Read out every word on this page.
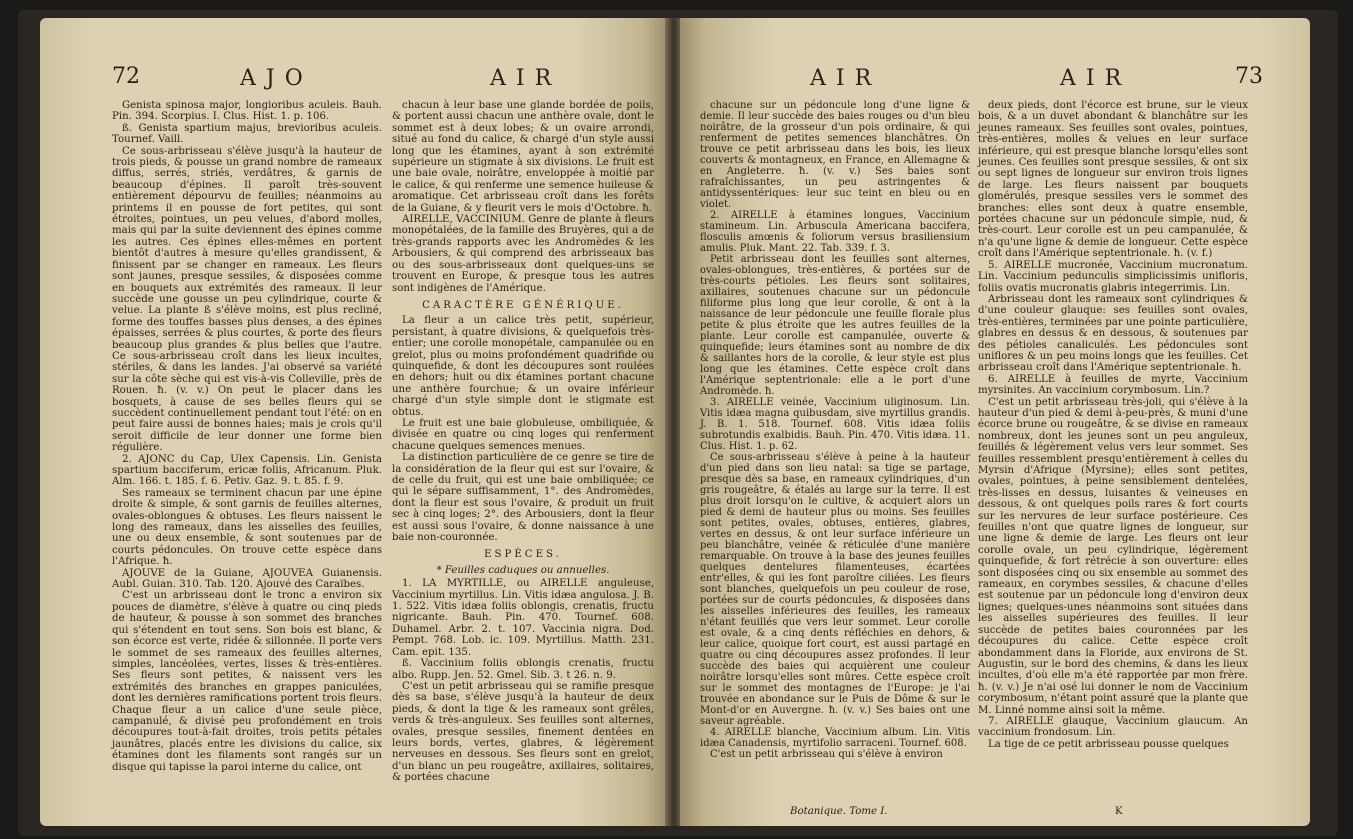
72	AJO	AIR

Genista spinosa major, longioribus aculeis. Bauh. Pin. 394. Scorpius. I. Clus. Hist. 1. p. 106.

ß. Genista spartium majus, brevioribus aculeis. Tournef. Vaill.

Ce sous-arbrisseau s'élève jusqu'à la hauteur de trois pieds, & pousse un grand nombre de rameaux diffus, serrés, striés, verdâtres, & garnis de beaucoup d'épines. Il paroît très-souvent entièrement dépourvu de feuilles; néanmoins au printems il en pousse de fort petites, qui sont étroites, pointues, un peu velues, d'abord molles, mais qui par la suite deviennent des épines comme les autres. Ces épines elles-mêmes en portent bientôt d'autres à mesure qu'elles grandissent, & finissent par se changer en rameaux. Les fleurs sont jaunes, presque sessiles, & disposées comme en bouquets aux extrémités des rameaux. Il leur succède une gousse un peu cylindrique, courte & velue. La plante ß s'élève moins, est plus recliné, forme des touffes basses plus denses, a des épines épaisses, serrées & plus courtes, & porte des fleurs beaucoup plus grandes & plus belles que l'autre. Ce sous-arbrisseau croît dans les lieux incultes, stériles, & dans les landes. J'ai observé sa variété sur la côte sèche qui est vis-à-vis Colleville, près de Rouen. ħ. (v. v.) On peut le placer dans les bosquets, à cause de ses belles fleurs qui se succèdent continuellement pendant tout l'été: on en peut faire aussi de bonnes haies; mais je crois qu'il seroit difficile de leur donner une forme bien régulière.

2. AJONC du Cap, Ulex Capensis. Lin. Genista spartium bacciferum, ericæ foliis, Africanum. Pluk. Alm. 166. t. 185. f. 6. Petiv. Gaz. 9. t. 85. f. 9.

Ses rameaux se terminent chacun par une épine droite & simple, & sont garnis de feuilles alternes, ovales-oblongues & obtuses. Les fleurs naissent le long des rameaux, dans les aisselles des feuilles, une ou deux ensemble, & sont soutenues par de courts pédoncules. On trouve cette espèce dans l'Afrique. ħ.

AJOUVE de la Guiane, AJOUVEA Guianensis. Aubl. Guian. 310. Tab. 120. Ajouvé des Caraïbes.

C'est un arbrisseau dont le tronc a environ six pouces de diamètre, s'élève à quatre ou cinq pieds de hauteur, & pousse à son sommet des branches qui s'étendent en tout sens. Son bois est blanc, & son écorce est verte, ridée & sillonnée. Il porte vers le sommet de ses rameaux des feuilles alternes, simples, lancéolées, vertes, lisses & très-entières. Ses fleurs sont petites, & naissent vers les extrémités des branches en grappes paniculées, dont les dernières ramifications portent trois fleurs. Chaque fleur a un calice d'une seule pièce, campanulé, & divisé peu profondément en trois découpures tout-à-fait droites, trois petits pétales jaunâtres, placés entre les divisions du calice, six étamines dont les filaments sont rangés sur un disque qui tapisse la paroi interne du calice, ont

chacun à leur base une glande bordée de poils, & portent aussi chacun une anthère ovale, dont le sommet est à deux lobes; & un ovaire arrondi, situé au fond du calice, & chargé d'un style aussi long que les étamines, ayant à son extrémité supérieure un stigmate à six divisions. Le fruit est une baie ovale, noirâtre, enveloppée à moitié par le calice, & qui renferme une semence huileuse & aromatique. Cet arbrisseau croît dans les forêts de la Guiane, & y fleurit vers le mois d'Octobre. ħ.

AIRELLE, VACCINIUM. Genre de plante à fleurs monopétalées, de la famille des Bruyères, qui a de très-grands rapports avec les Andromèdes & les Arbousiers, & qui comprend des arbrisseaux bas ou des sous-arbrisseaux dont quelques-uns se trouvent en Europe, & presque tous les autres sont indigènes de l'Amérique.

CARACTÈRE GÉNÉRIQUE.

La fleur a un calice très petit, supérieur, persistant, à quatre divisions, & quelquefois très-entier; une corolle monopétale, campanulée ou en grelot, plus ou moins profondément quadrifide ou quinquefide, & dont les découpures sont roulées en dehors; huit ou dix étamines portant chacune une anthère fourchue; & un ovaire inférieur chargé d'un style simple dont le stigmate est obtus.

Le fruit est une baie globuleuse, ombiliquée, & divisée en quatre ou cinq loges qui renferment chacune quelques semences menues.

La distinction particulière de ce genre se tire de la considération de la fleur qui est sur l'ovaire, & de celle du fruit, qui est une baie ombiliquée; ce qui le sépare suffisamment, 1°. des Andromèdes, dont la fleur est sous l'ovaire, & produit un fruit sec à cinq loges; 2°. des Arbousiers, dont la fleur est aussi sous l'ovaire, & donne naissance à une baie non-couronnée.

ESPÈCES.

* Feuilles caduques ou annuelles.

1. LA MYRTILLE, ou AIRELLE anguleuse, Vaccinium myrtillus. Lin. Vitis idæa angulosa. J. B. 1. 522. Vitis idæa foliis oblongis, crenatis, fructu nigricante. Bauh. Pin. 470. Tournef. 608. Duhamel. Arbr. 2. t. 107. Vaccinia nigra. Dod. Pempt. 768. Lob. ic. 109. Myrtillus. Matth. 231. Cam. epit. 135.

ß. Vaccinium foliis oblongis crenatis, fructu albo. Rupp. Jen. 52. Gmel. Sib. 3. t 26. n. 9.

C'est un petit arbrisseau qui se ramifie presque dès sa base, s'élève jusqu'à la hauteur de deux pieds, & dont la tige & les rameaux sont grêles, verds & très-anguleux. Ses feuilles sont alternes, ovales, presque sessiles, finement dentées en leurs bords, vertes, glabres, & légèrement nerveuses en dessous. Ses fleurs sont en grelot, d'un blanc un peu rougeâtre, axillaires, solitaires, & portées chacune

AIR	AIR	73

chacune sur un pédoncule long d'une ligne & demie. Il leur succède des baies rouges ou d'un bleu noirâtre, de la grosseur d'un pois ordinaire, & qui renferment de petites semences blanchâtres. On trouve ce petit arbrisseau dans les bois, les lieux couverts & montagneux, en France, en Allemagne & en Angleterre. ħ. (v. v.) Ses baies sont rafraîchissantes, un peu astringentes & antidyssentériques: leur suc teint en bleu ou en violet.

2. AIRELLE à étamines longues, Vaccinium stamineum. Lin. Arbuscula Americana baccifera, flosculis amœnis & foliorum versus brasiliensium amulis. Pluk. Mant. 22. Tab. 339. f. 3.

Petit arbrisseau dont les feuilles sont alternes, ovales-oblongues, très-entières, & portées sur de très-courts pétioles. Les fleurs sont solitaires, axillaires, soutenues chacune sur un pédoncule filiforme plus long que leur corolle, & ont à la naissance de leur pédoncule une feuille florale plus petite & plus étroite que les autres feuilles de la plante. Leur corolle est campanulée, ouverte & quinquefide; leurs étamines sont au nombre de dix & saillantes hors de la corolle, & leur style est plus long que les étamines. Cette espèce croît dans l'Amérique septentrionale: elle a le port d'une Andromède. ħ.

3. AIRELLE veinée, Vaccinium uliginosum. Lin. Vitis idæa magna quibusdam, sive myrtillus grandis. J. B. 1. 518. Tournef. 608. Vitis idæa foliis subrotundis exalbidis. Bauh. Pin. 470. Vitis idæa. 11. Clus. Hist. 1. p. 62.

Ce sous-arbrisseau s'élève à peine à la hauteur d'un pied dans son lieu natal: sa tige se partage, presque dès sa base, en rameaux cylindriques, d'un gris rougeâtre, & étalés au large sur la terre. Il est plus droit lorsqu'on le cultive, & acquiert alors un pied & demi de hauteur plus ou moins. Ses feuilles sont petites, ovales, obtuses, entières, glabres, vertes en dessus, & ont leur surface inférieure un peu blanchâtre, veinée & réticulée d'une manière remarquable. On trouve à la base des jeunes feuilles quelques dentelures filamenteuses, écartées entr'elles, & qui les font paroître ciliées. Les fleurs sont blanches, quelquefois un peu couleur de rose, portées sur de courts pédoncules, & disposées dans les aisselles inférieures des feuilles, les rameaux n'étant feuillés que vers leur sommet. Leur corolle est ovale, & a cinq dents réfléchies en dehors, & leur calice, quoique fort court, est aussi partagé en quatre ou cinq découpures assez profondes. Il leur succède des baies qui acquièrent une couleur noirâtre lorsqu'elles sont mûres. Cette espèce croît sur le sommet des montagnes de l'Europe: je l'ai trouvée en abondance sur le Puis de Dôme & sur le Mont-d'or en Auvergne. ħ. (v. v.) Ses baies ont une saveur agréable.

4. AIRELLE blanche, Vaccinium album. Lin. Vitis idæa Canadensis, myrtifolio sarraceni. Tournef. 608.

C'est un petit arbrisseau qui s'élève à environ

deux pieds, dont l'écorce est brune, sur le vieux bois, & a un duvet abondant & blanchâtre sur les jeunes rameaux. Ses feuilles sont ovales, pointues, très-entières, molles & velues en leur surface inférieure, qui est presque blanche lorsqu'elles sont jeunes. Ces feuilles sont presque sessiles, & ont six ou sept lignes de longueur sur environ trois lignes de large. Les fleurs naissent par bouquets glomérulés, presque sessiles vers le sommet des branches: elles sont deux à quatre ensemble, portées chacune sur un pédoncule simple, nud, & très-court. Leur corolle est un peu campanulée, & n'a qu'une ligne & demie de longueur. Cette espèce croît dans l'Amérique septentrionale. ħ. (v. f.)

5. AIRELLE mucronée, Vaccinium mucronatum. Lin. Vaccinium pedunculis simplicissimis unifloris, foliis ovatis mucronatis glabris integerrimis. Lin.

Arbrisseau dont les rameaux sont cylindriques & d'une couleur glauque: ses feuilles sont ovales, très-entières, terminées par une pointe particulière, glabres en dessus & en dessous, & soutenues par des pétioles canaliculés. Les pédoncules sont uniflores & un peu moins longs que les feuilles. Cet arbrisseau croît dans l'Amérique septentrionale. ħ.

6. AIRELLE à feuilles de myrte, Vaccinium myrsinites. An vaccinium corymbosum. Lin.?

C'est un petit arbrisseau très-joli, qui s'élève à la hauteur d'un pied & demi à-peu-près, & muni d'une écorce brune ou rougeâtre, & se divise en rameaux nombreux, dont les jeunes sont un peu anguleux, feuillés & légèrement velus vers leur sommet. Ses feuilles ressemblent presqu'entièrement à celles du Myrsin d'Afrique (Myrsine); elles sont petites, ovales, pointues, à peine sensiblement dentelées, très-lisses en dessus, luisantes & veineuses en dessous, & ont quelques poils rares & fort courts sur les nervures de leur surface postérieure. Ces feuilles n'ont que quatre lignes de longueur, sur une ligne & demie de large. Les fleurs ont leur corolle ovale, un peu cylindrique, légèrement quinquefide, & fort rétrécie à son ouverture: elles sont disposées cinq ou six ensemble au sommet des rameaux, en corymbes sessiles, & chacune d'elles est soutenue par un pédoncule long d'environ deux lignes; quelques-unes néanmoins sont situées dans les aisselles supérieures des feuilles. Il leur succède de petites baies couronnées par les découpures du calice. Cette espèce croît abondamment dans la Floride, aux environs de St. Augustin, sur le bord des chemins, & dans les lieux incultes, d'où elle m'a été rapportée par mon frère. ħ. (v. v.) Je n'ai osé lui donner le nom de Vaccinium corymbosum, n'étant point assuré que la plante que M. Linné nomme ainsi soit la même.

7. AIRELLE glauque, Vaccinium glaucum. An vaccinium frondosum. Lin.

La tige de ce petit arbrisseau pousse quelques

Botanique. Tome I.	K
